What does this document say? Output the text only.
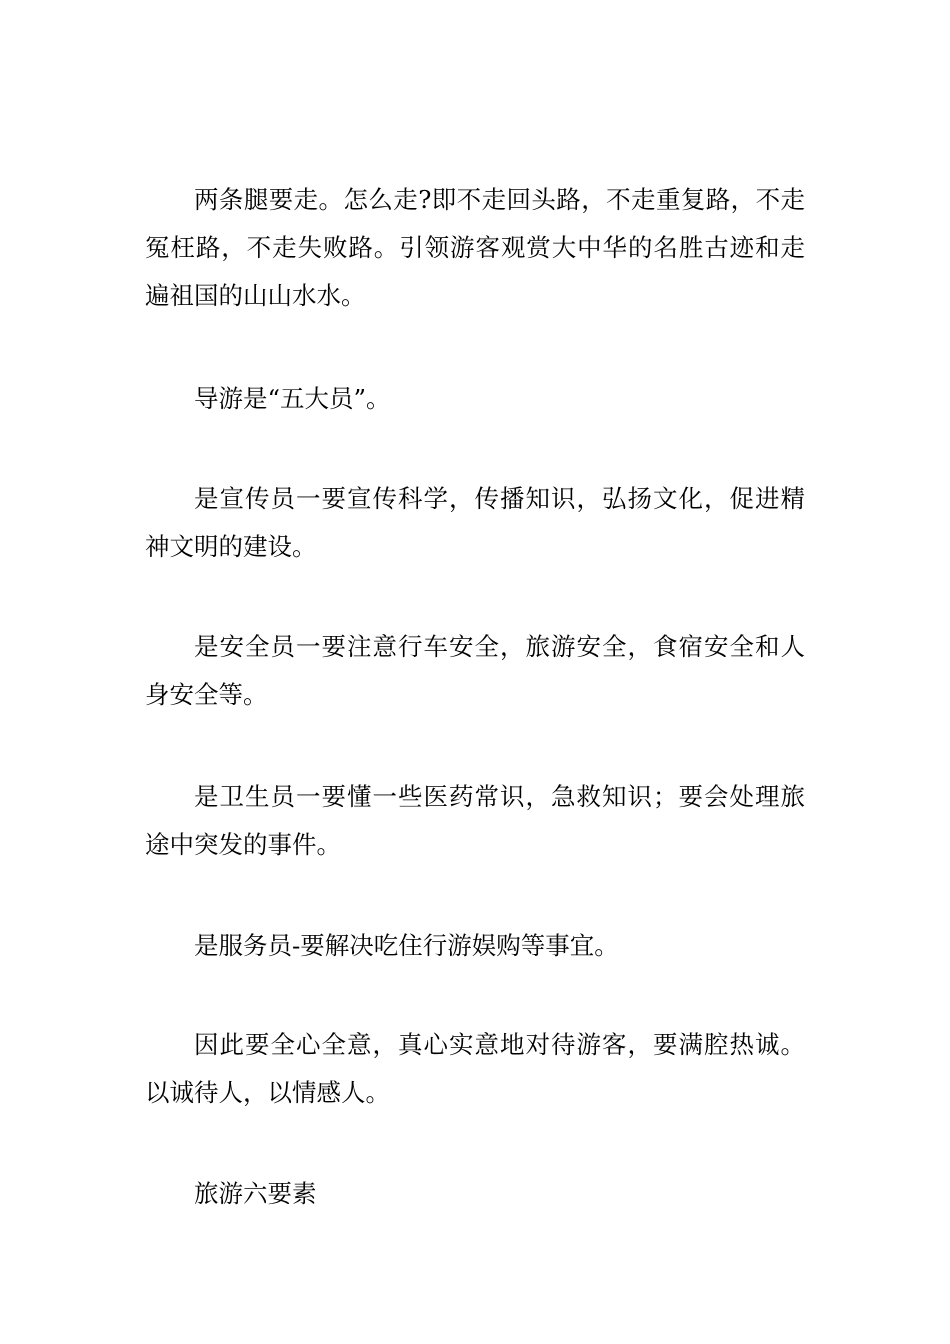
两条腿要走。怎么走?即不走回头路，不走重复路，不走冤枉路，不走失败路。引领游客观赏大中华的名胜古迹和走遍祖国的山山水水。

导游是“五大员”。

是宣传员一要宣传科学，传播知识，弘扬文化，促进精神文明的建设。

是安全员一要注意行车安全，旅游安全，食宿安全和人身安全等。

是卫生员一要懂一些医药常识，急救知识；要会处理旅途中突发的事件。

是服务员-要解决吃住行游娱购等事宜。

因此要全心全意，真心实意地对待游客，要满腔热诚。以诚待人，以情感人。

旅游六要素
